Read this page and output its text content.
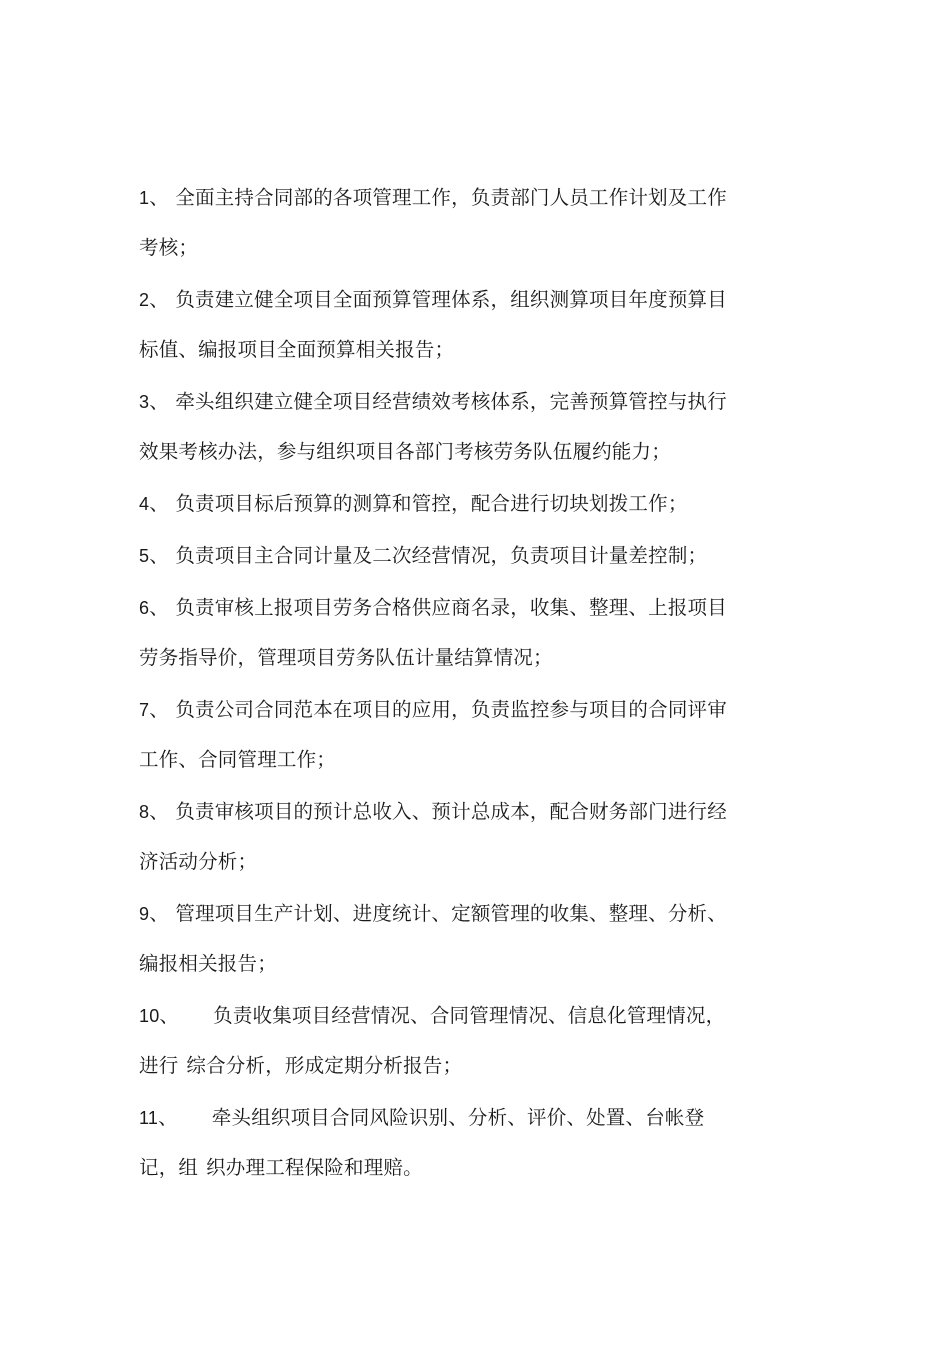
1、 全面主持合同部的各项管理工作，负责部门人员工作计划及工作
考核；
2、 负责建立健全项目全面预算管理体系，组织测算项目年度预算目
标值、编报项目全面预算相关报告；
3、 牵头组织建立健全项目经营绩效考核体系，完善预算管控与执行
效果考核办法，参与组织项目各部门考核劳务队伍履约能力；
4、 负责项目标后预算的测算和管控，配合进行切块划拨工作；
5、 负责项目主合同计量及二次经营情况，负责项目计量差控制；
6、 负责审核上报项目劳务合格供应商名录，收集、整理、上报项目
劳务指导价，管理项目劳务队伍计量结算情况；
7、 负责公司合同范本在项目的应用，负责监控参与项目的合同评审
工作、合同管理工作；
8、 负责审核项目的预计总收入、预计总成本，配合财务部门进行经
济活动分析；
9、 管理项目生产计划、进度统计、定额管理的收集、整理、分析、
编报相关报告；
10、 负责收集项目经营情况、合同管理情况、信息化管理情况，
进行 综合分析，形成定期分析报告；
11、 牵头组织项目合同风险识别、分析、评价、处置、台帐登
记，组 织办理工程保险和理赔。
